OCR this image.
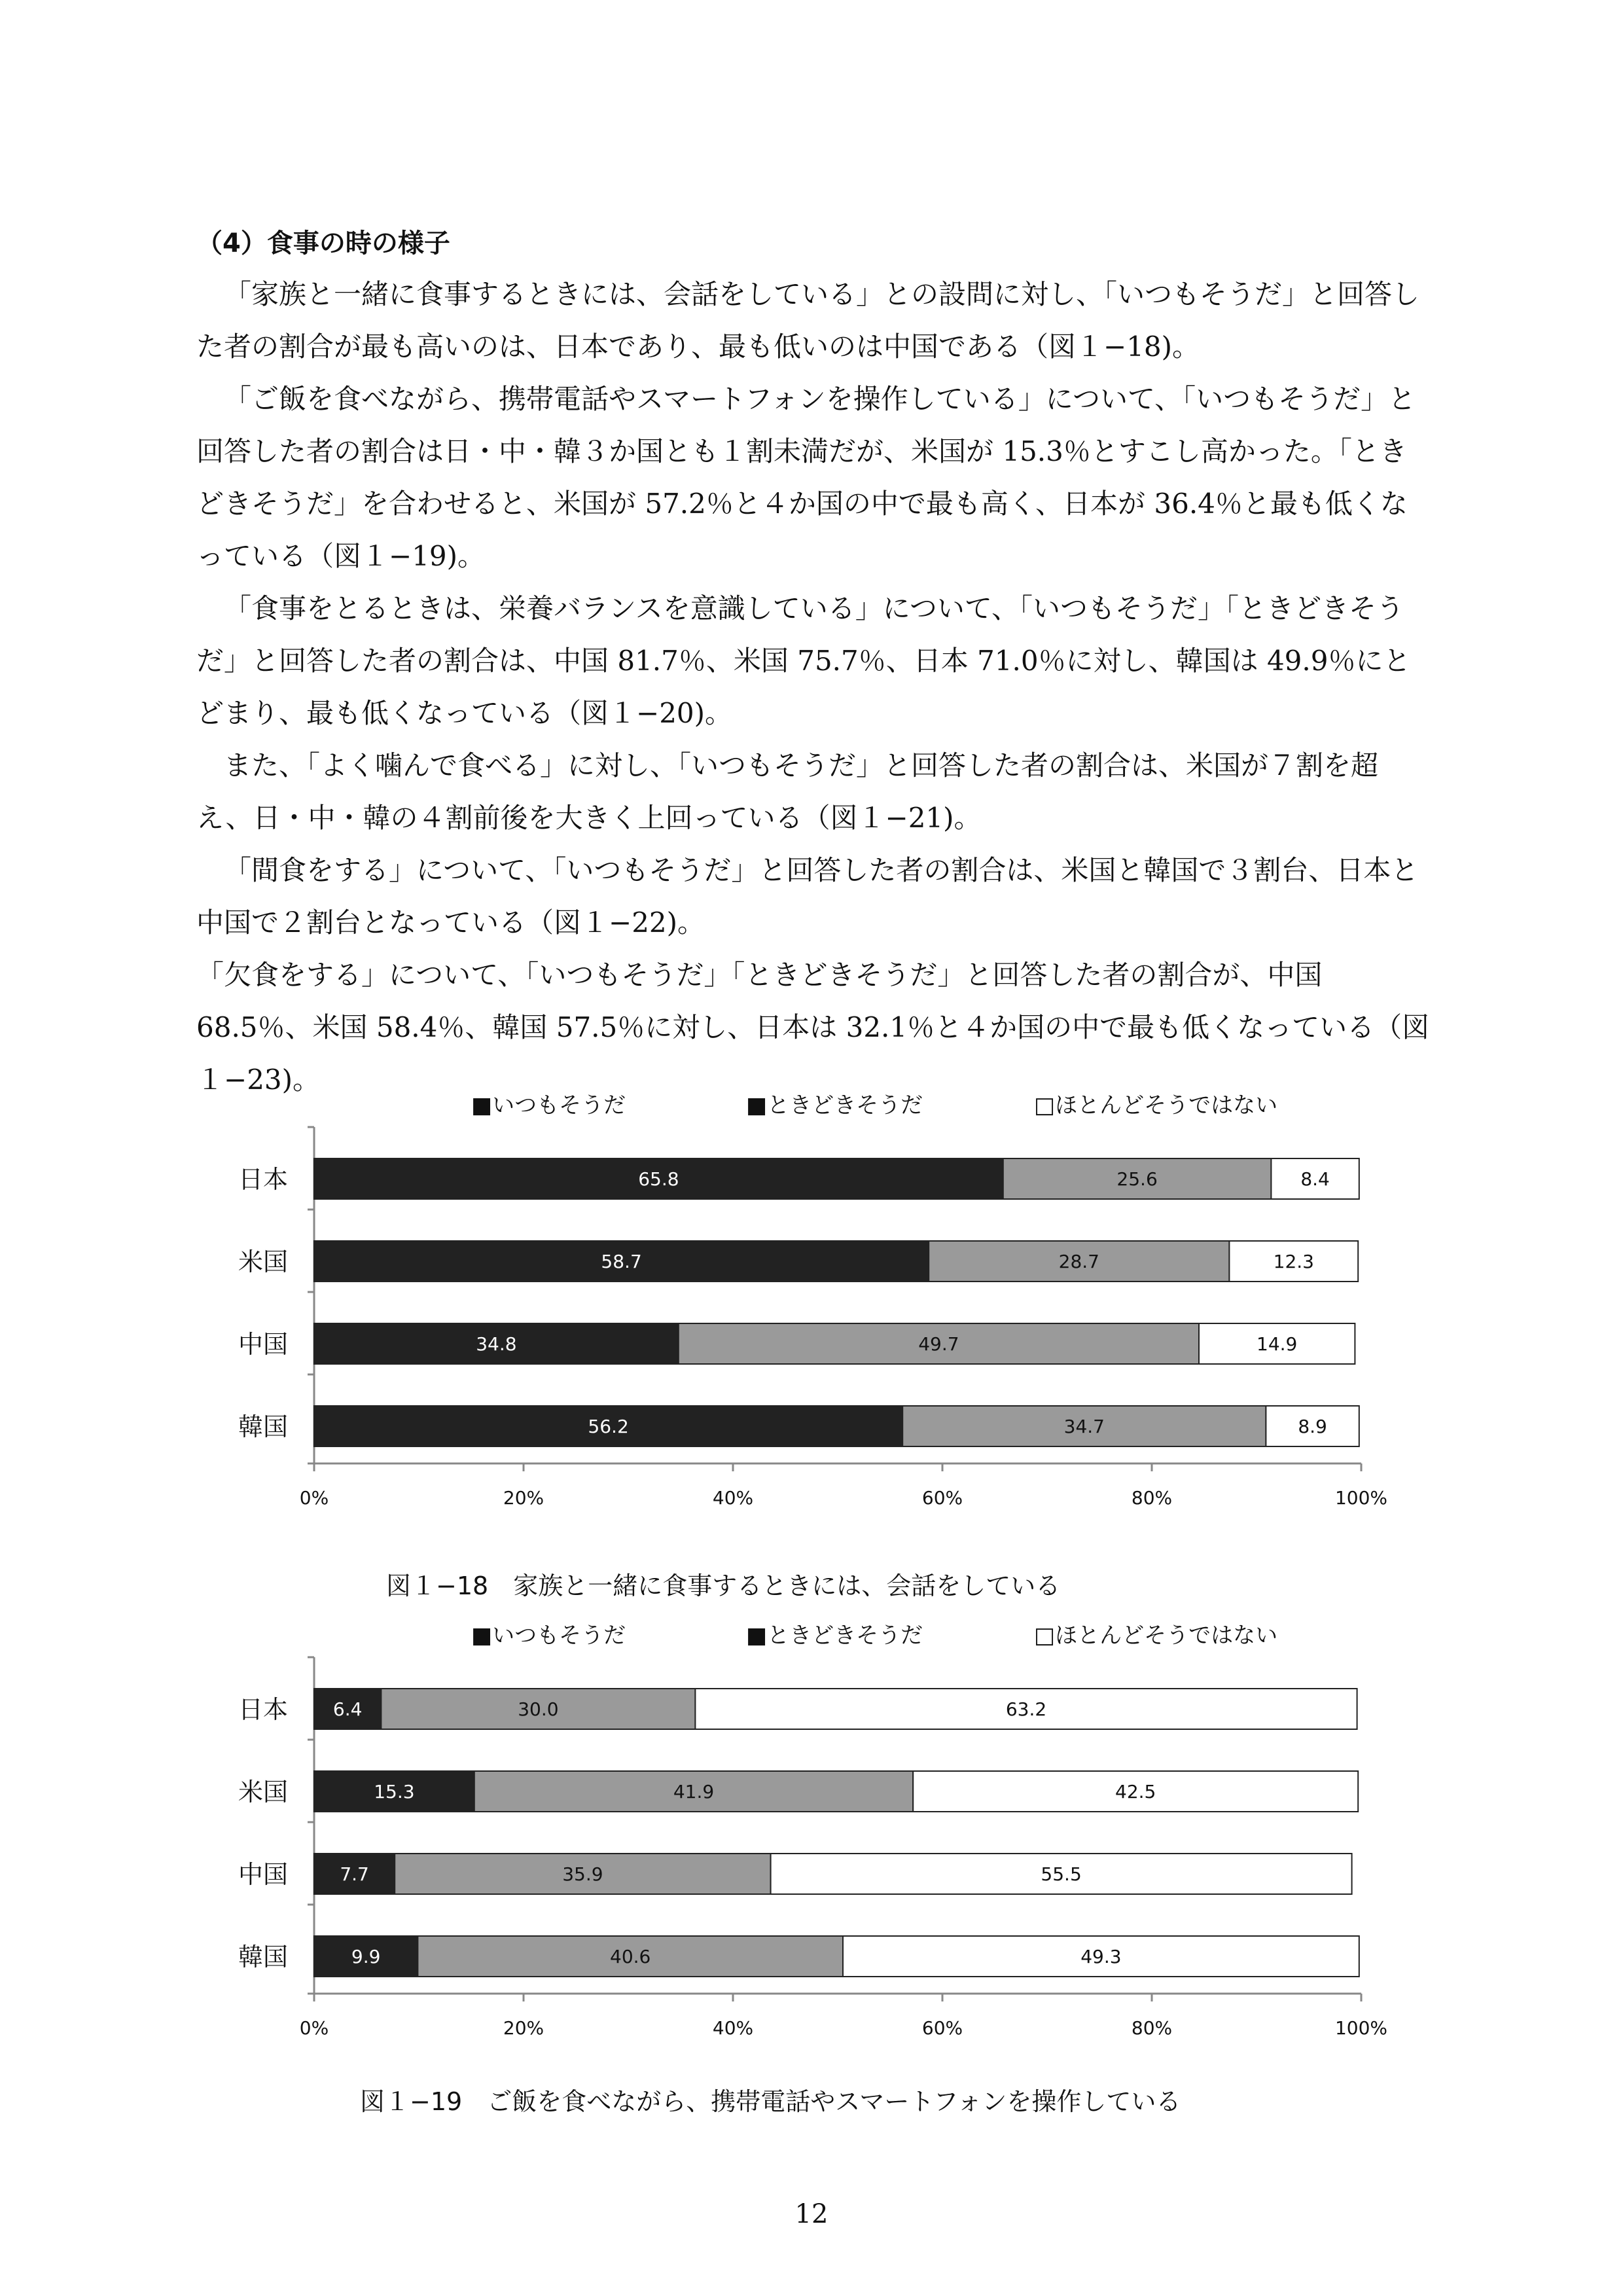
（4）食事の時の様子

「家族と一緒に食事するときには、会話をしている」との設問に対し、「いつもそうだ」と回答した者の割合が最も高いのは、日本であり、最も低いのは中国である（図１−18)。

「ご飯を食べながら、携帯電話やスマートフォンを操作している」について、「いつもそうだ」と回答した者の割合は日・中・韓３か国とも１割未満だが、米国が 15.3％とすこし高かった。「ときどきそうだ」を合わせると、米国が 57.2％と４か国の中で最も高く、日本が 36.4％と最も低くなっている（図１−19)。

「食事をとるときは、栄養バランスを意識している」について、「いつもそうだ」「ときどきそうだ」と回答した者の割合は、中国 81.7％、米国 75.7％、日本 71.0％に対し、韓国は 49.9％にとどまり、最も低くなっている（図１−20)。

また、「よく噛んで食べる」に対し、「いつもそうだ」と回答した者の割合は、米国が７割を超え、日・中・韓の４割前後を大きく上回っている（図１−21)。

「間食をする」について、「いつもそうだ」と回答した者の割合は、米国と韓国で３割台、日本と中国で２割台となっている（図１−22)。

「欠食をする」について、「いつもそうだ」「ときどきそうだ」と回答した者の割合が、中国 68.5％、米国 58.4％、韓国 57.5％に対し、日本は 32.1％と４か国の中で最も低くなっている（図１−23)。

■いつもそうだ	■ときどきそうだ	□ほとんどそうではない
0%	20%	40%	60%	80%	100%
日本	65.8	25.6	8.4
米国	58.7	28.7	12.3
中国	34.8	49.7	14.9
韓国	56.2	34.7	8.9

図１−18　家族と一緒に食事するときには、会話をしている

■いつもそうだ	■ときどきそうだ	□ほとんどそうではない
0%	20%	40%	60%	80%	100%
日本 6.4	30.0	63.2
米国	15.3	41.9	42.5
中国	7.7	35.9	55.5
韓国	9.9	40.6	49.3

図１−19　ご飯を食べながら、携帯電話やスマートフォンを操作している

12
